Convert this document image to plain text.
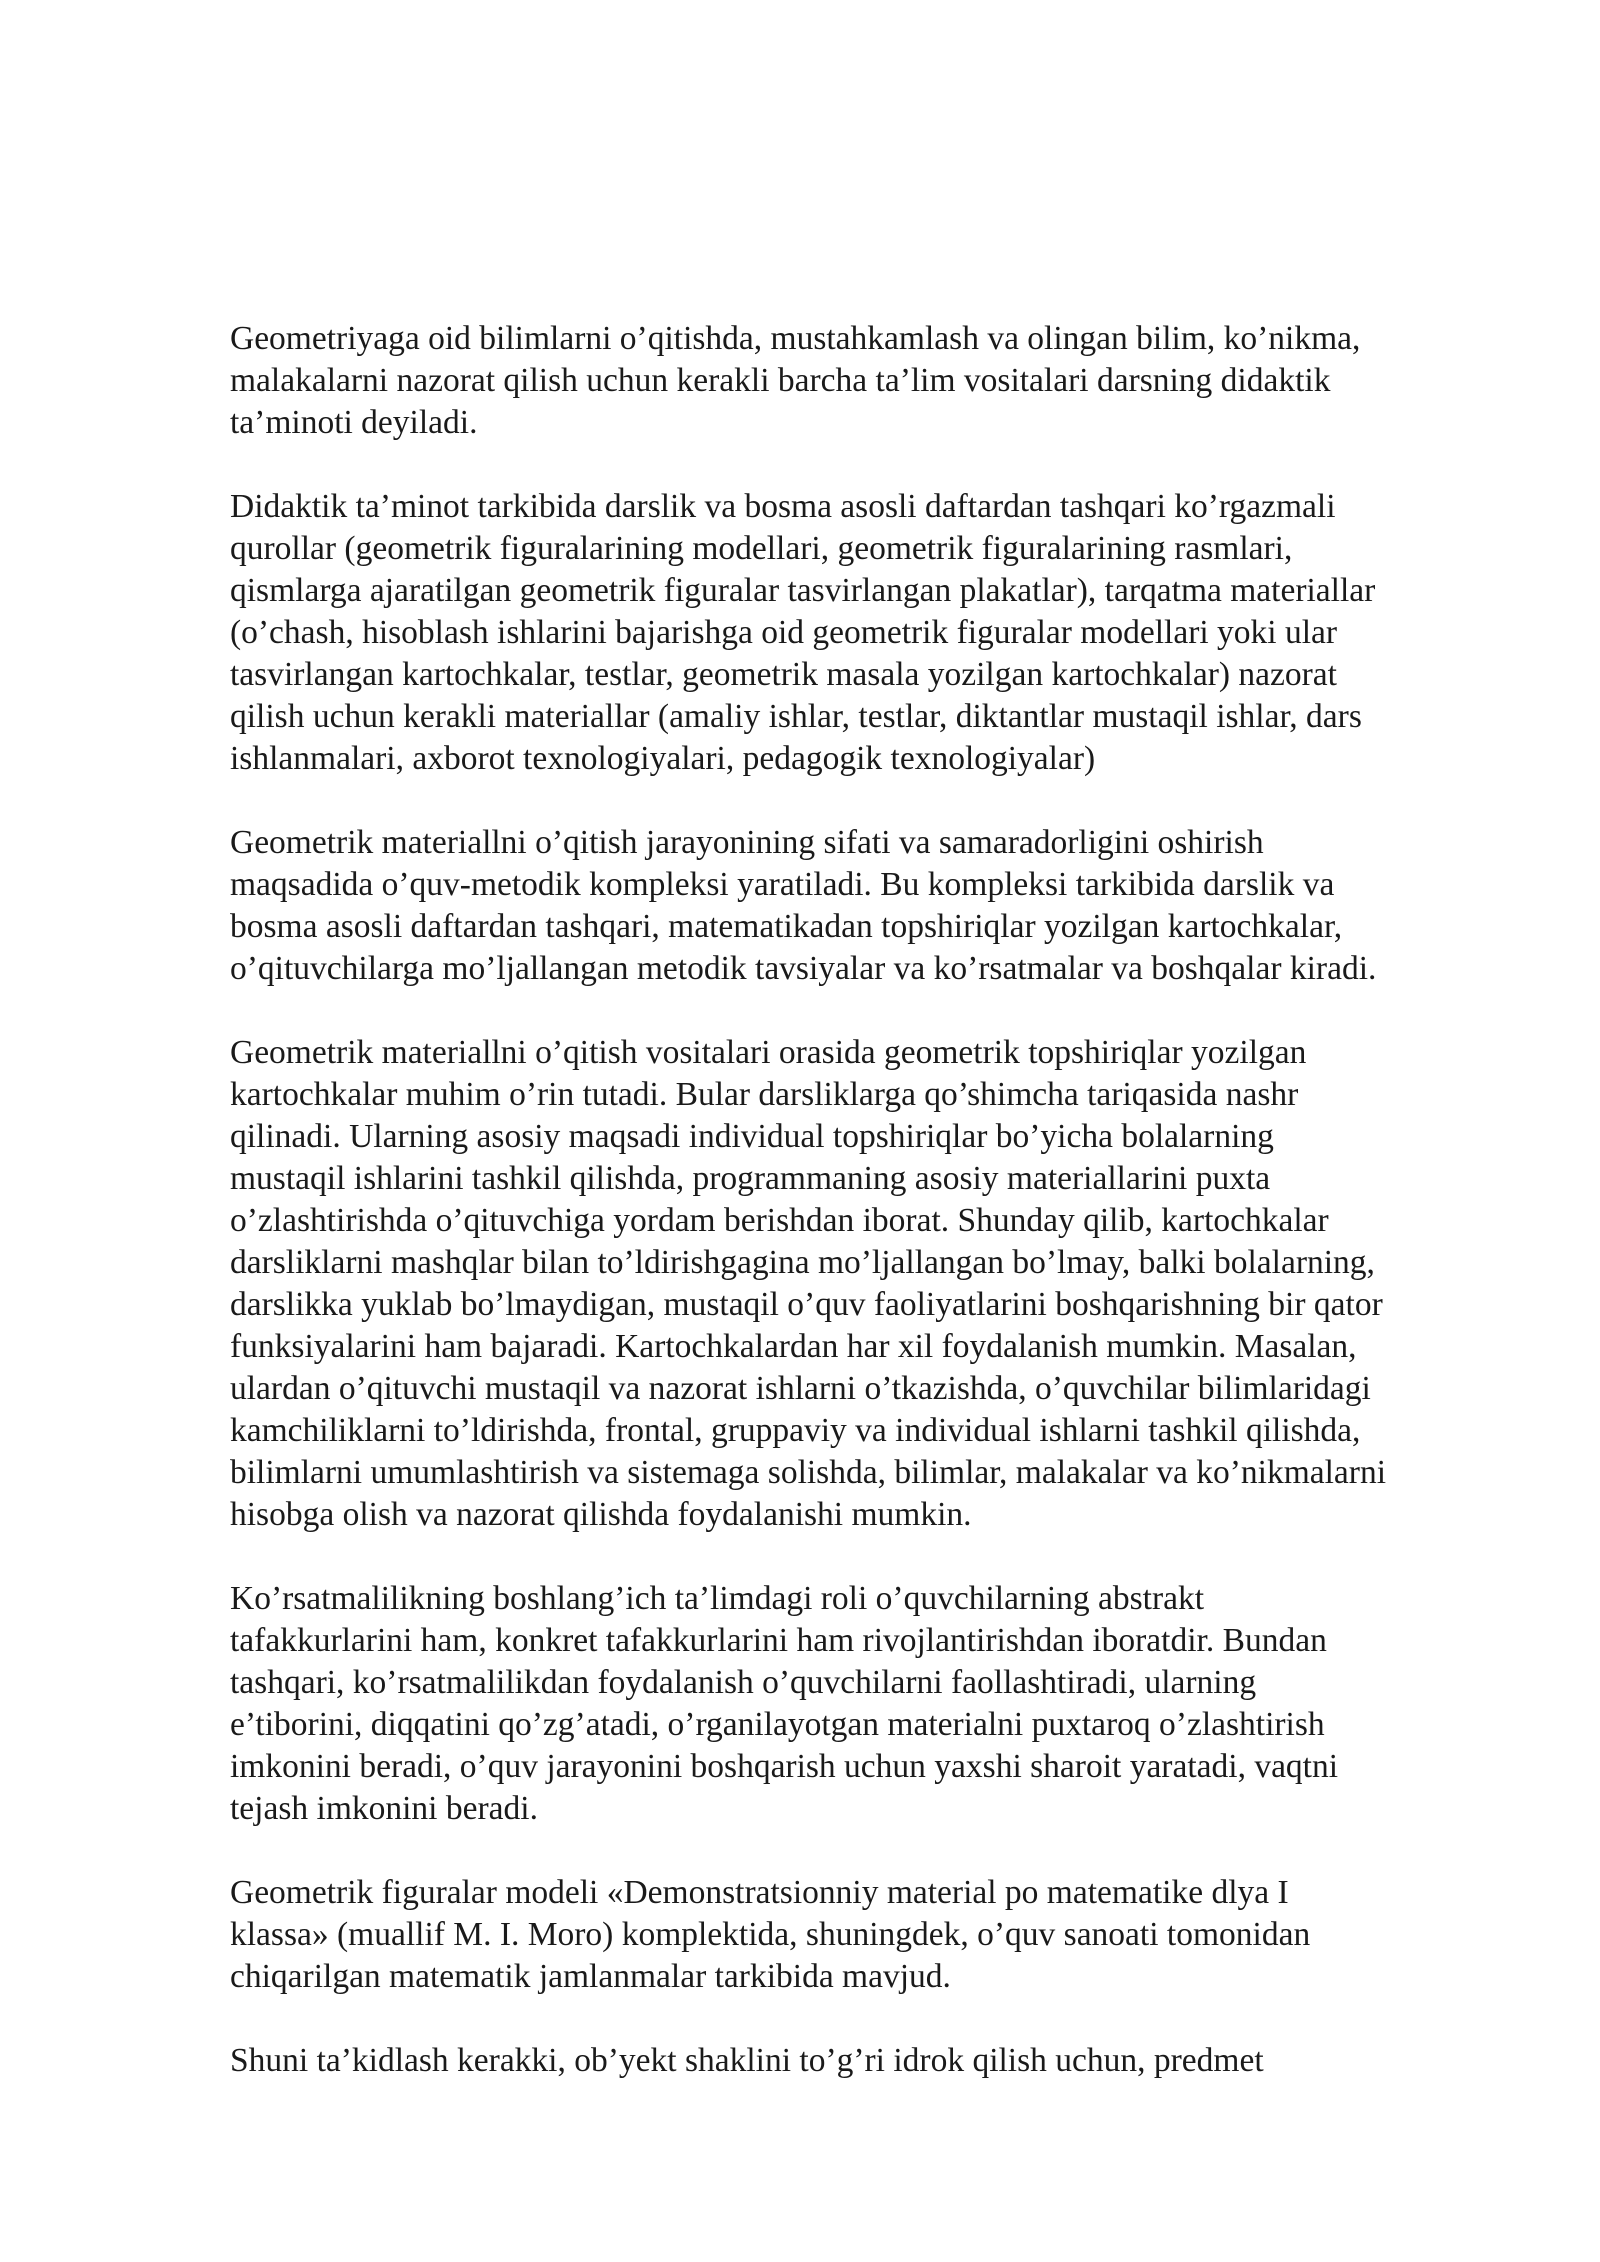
Geometriyaga oid bilimlarni o’qitishda, mustahkamlash va olingan bilim, ko’nikma,
malakalarni nazorat qilish uchun kerakli barcha ta’lim vositalari darsning didaktik
ta’minoti deyiladi.

Didaktik ta’minot tarkibida darslik va bosma asosli daftardan tashqari ko’rgazmali
qurollar (geometrik figuralarining modellari, geometrik figuralarining rasmlari,
qismlarga ajaratilgan geometrik figuralar tasvirlangan plakatlar), tarqatma materiallar
(o’chash, hisoblash ishlarini bajarishga oid geometrik figuralar modellari yoki ular
tasvirlangan kartochkalar, testlar, geometrik masala yozilgan kartochkalar) nazorat
qilish uchun kerakli materiallar (amaliy ishlar, testlar, diktantlar mustaqil ishlar, dars
ishlanmalari, axborot texnologiyalari, pedagogik texnologiyalar)

Geometrik materiallni o’qitish jarayonining sifati va samaradorligini oshirish
maqsadida o’quv-metodik kompleksi yaratiladi. Bu kompleksi tarkibida darslik va
bosma asosli daftardan tashqari, matematikadan topshiriqlar yozilgan kartochkalar,
o’qituvchilarga mo’ljallangan metodik tavsiyalar va ko’rsatmalar va boshqalar kiradi.

Geometrik materiallni o’qitish vositalari orasida geometrik topshiriqlar yozilgan
kartochkalar muhim o’rin tutadi. Bular darsliklarga qo’shimcha tariqasida nashr
qilinadi. Ularning asosiy maqsadi individual topshiriqlar bo’yicha bolalarning
mustaqil ishlarini tashkil qilishda, programmaning asosiy materiallarini puxta
o’zlashtirishda o’qituvchiga yordam berishdan iborat. Shunday qilib, kartochkalar
darsliklarni mashqlar bilan to’ldirishgagina mo’ljallangan bo’lmay, balki bolalarning,
darslikka yuklab bo’lmaydigan, mustaqil o’quv faoliyatlarini boshqarishning bir qator
funksiyalarini ham bajaradi. Kartochkalardan har xil foydalanish mumkin. Masalan,
ulardan o’qituvchi mustaqil va nazorat ishlarni o’tkazishda, o’quvchilar bilimlaridagi
kamchiliklarni to’ldirishda, frontal, gruppaviy va individual ishlarni tashkil qilishda,
bilimlarni umumlashtirish va sistemaga solishda, bilimlar, malakalar va ko’nikmalarni
hisobga olish va nazorat qilishda foydalanishi mumkin.

Ko’rsatmalilikning boshlang’ich ta’limdagi roli o’quvchilarning abstrakt
tafakkurlarini ham, konkret tafakkurlarini ham rivojlantirishdan iboratdir. Bundan
tashqari, ko’rsatmalilikdan foydalanish o’quvchilarni faollashtiradi, ularning
e’tiborini, diqqatini qo’zg’atadi, o’rganilayotgan materialni puxtaroq o’zlashtirish
imkonini beradi, o’quv jarayonini boshqarish uchun yaxshi sharoit yaratadi, vaqtni
tejash imkonini beradi.

Geometrik figuralar modeli «Demonstratsionniy material po matematike dlya I
klassa» (muallif M. I. Moro) komplektida, shuningdek, o’quv sanoati tomonidan
chiqarilgan matematik jamlanmalar tarkibida mavjud.

Shuni ta’kidlash kerakki, ob’yekt shaklini to’g’ri idrok qilish uchun, predmet
